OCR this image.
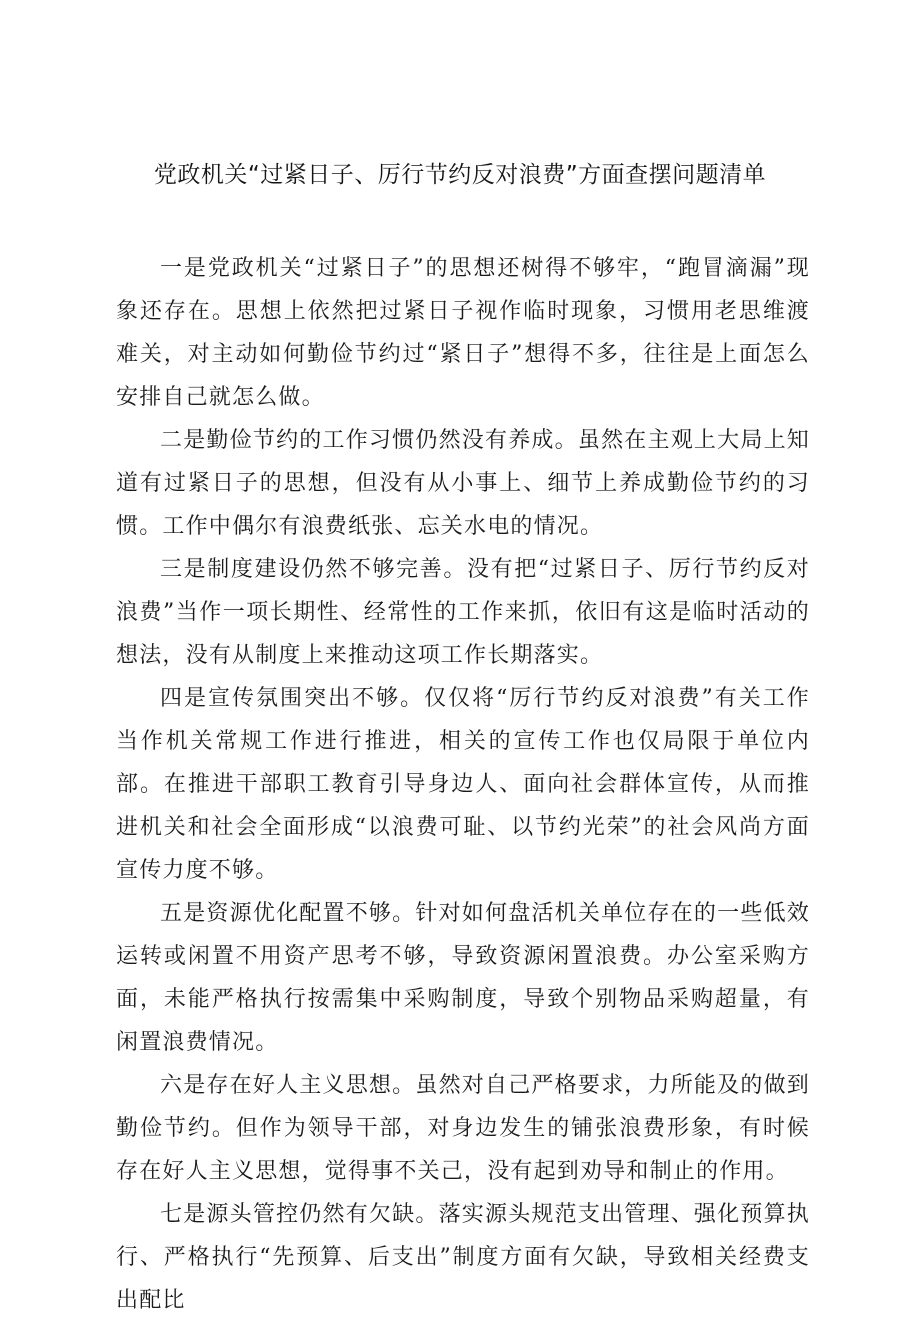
党政机关“过紧日子、厉行节约反对浪费”方面查摆问题清单

一是党政机关“过紧日子”的思想还树得不够牢，“跑冒滴漏”现象还存在。思想上依然把过紧日子视作临时现象，习惯用老思维渡难关，对主动如何勤俭节约过“紧日子”想得不多，往往是上面怎么安排自己就怎么做。

二是勤俭节约的工作习惯仍然没有养成。虽然在主观上大局上知道有过紧日子的思想，但没有从小事上、细节上养成勤俭节约的习惯。工作中偶尔有浪费纸张、忘关水电的情况。

三是制度建设仍然不够完善。没有把“过紧日子、厉行节约反对浪费”当作一项长期性、经常性的工作来抓，依旧有这是临时活动的想法，没有从制度上来推动这项工作长期落实。

四是宣传氛围突出不够。仅仅将“厉行节约反对浪费”有关工作当作机关常规工作进行推进，相关的宣传工作也仅局限于单位内部。在推进干部职工教育引导身边人、面向社会群体宣传，从而推进机关和社会全面形成“以浪费可耻、以节约光荣”的社会风尚方面宣传力度不够。

五是资源优化配置不够。针对如何盘活机关单位存在的一些低效运转或闲置不用资产思考不够，导致资源闲置浪费。办公室采购方面，未能严格执行按需集中采购制度，导致个别物品采购超量，有闲置浪费情况。

六是存在好人主义思想。虽然对自己严格要求，力所能及的做到勤俭节约。但作为领导干部，对身边发生的铺张浪费形象，有时候存在好人主义思想，觉得事不关己，没有起到劝导和制止的作用。

七是源头管控仍然有欠缺。落实源头规范支出管理、强化预算执行、严格执行“先预算、后支出”制度方面有欠缺，导致相关经费支出配比
